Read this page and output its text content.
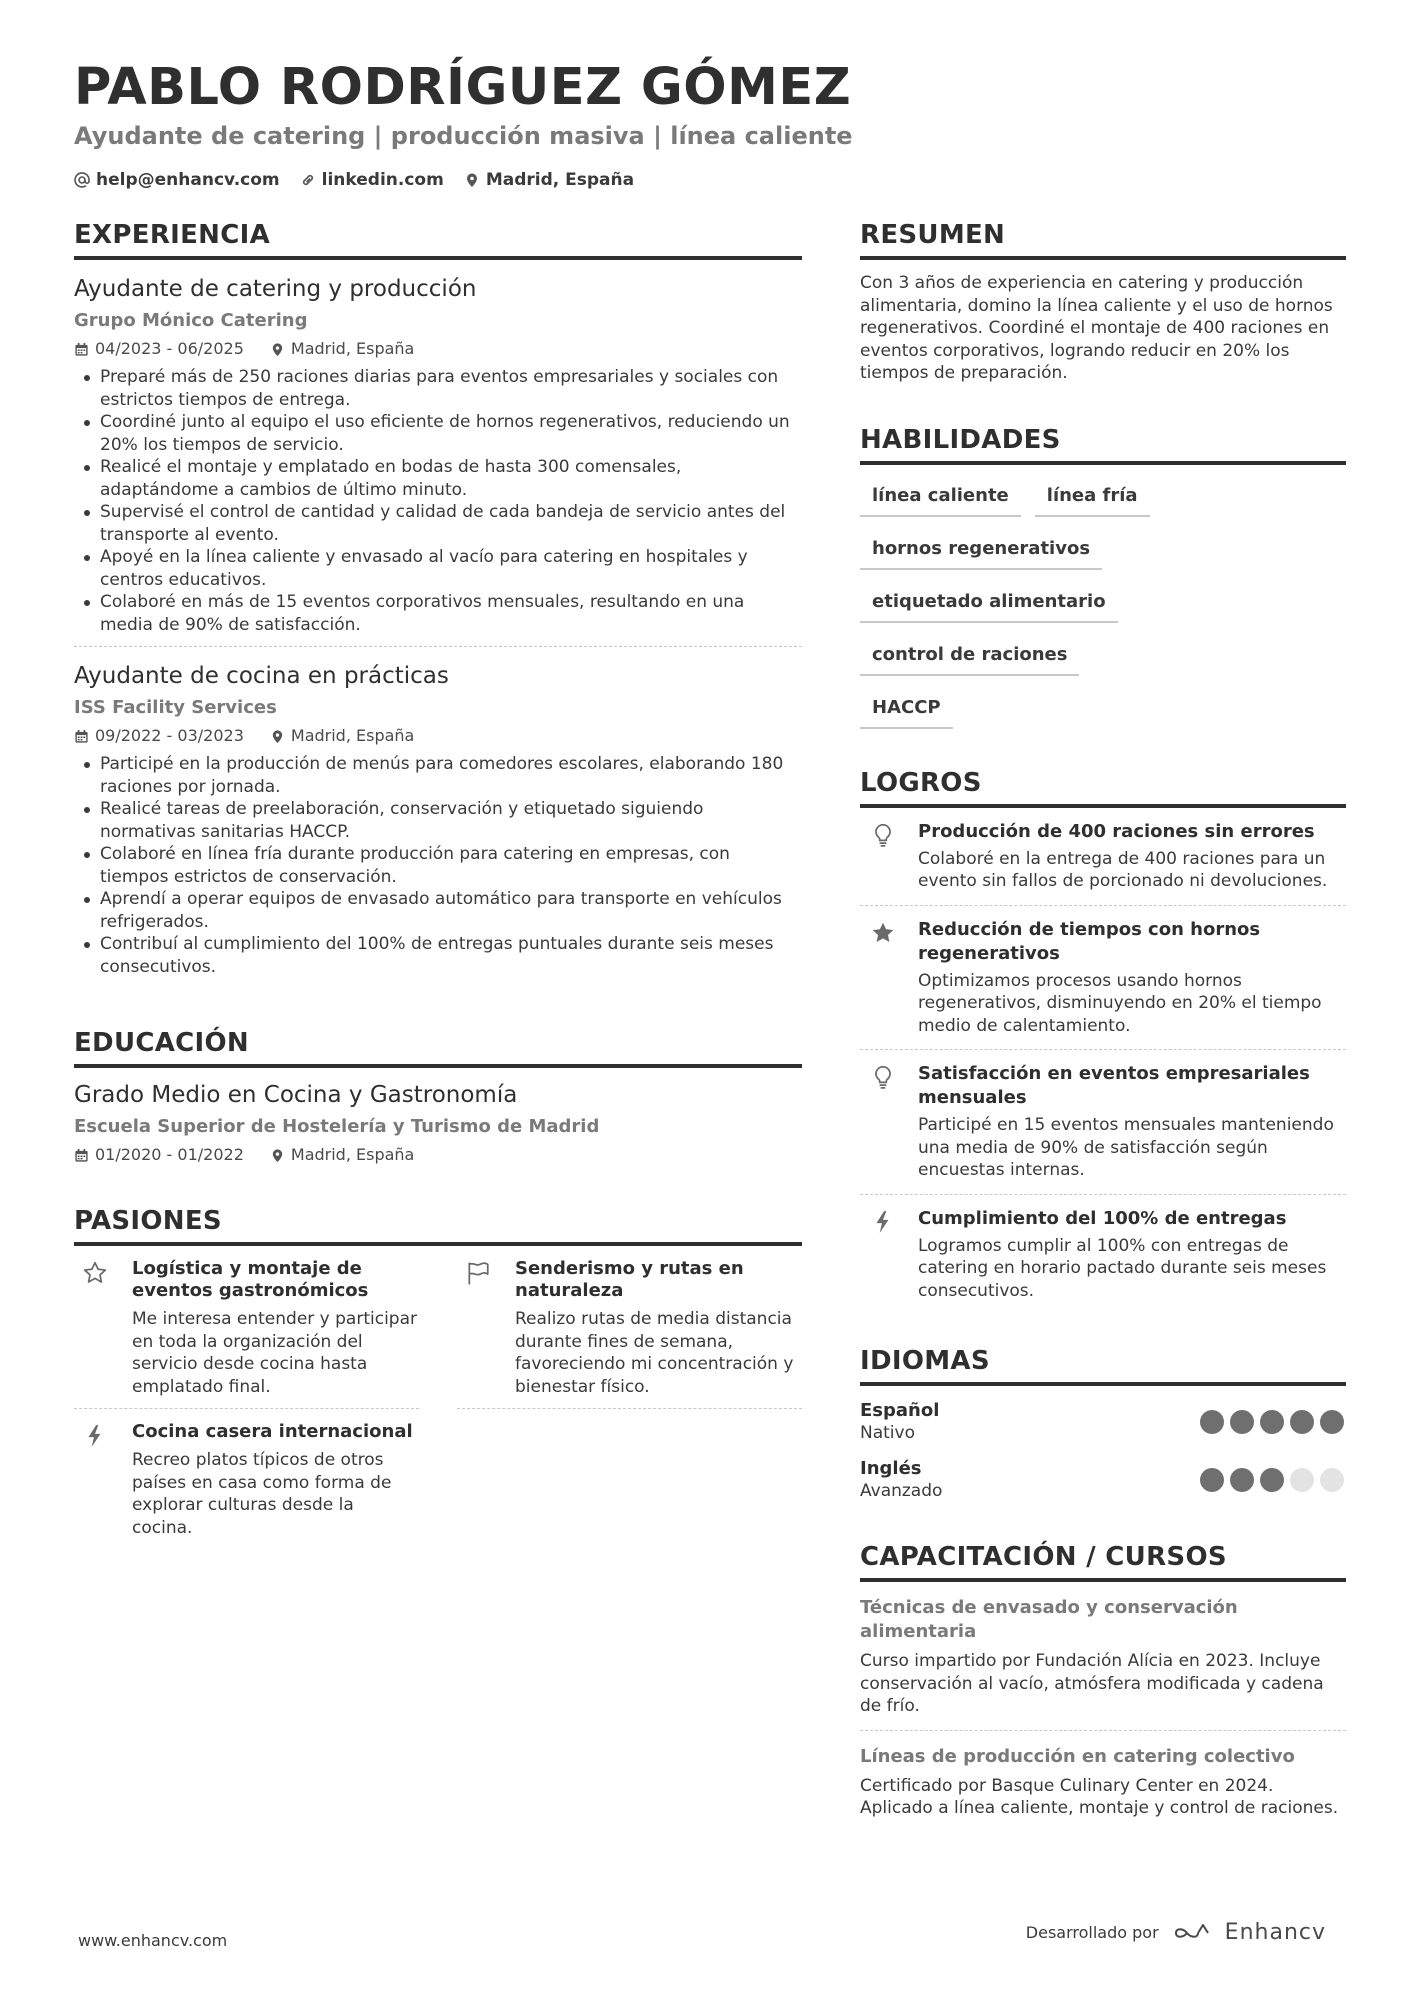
PABLO RODRÍGUEZ GÓMEZ
Ayudante de catering | producción masiva | línea caliente
help@enhancv.com linkedin.com Madrid, España
EXPERIENCIA
Ayudante de catering y producción
Grupo Mónico Catering
04/2023 - 06/2025	Madrid, España
Preparé más de 250 raciones diarias para eventos empresariales y sociales con estrictos tiempos de entrega.
Coordiné junto al equipo el uso eficiente de hornos regenerativos, reduciendo un 20% los tiempos de servicio.
Realicé el montaje y emplatado en bodas de hasta 300 comensales, adaptándome a cambios de último minuto.
Supervisé el control de cantidad y calidad de cada bandeja de servicio antes del transporte al evento.
Apoyé en la línea caliente y envasado al vacío para catering en hospitales y centros educativos.
Colaboré en más de 15 eventos corporativos mensuales, resultando en una media de 90% de satisfacción.
Ayudante de cocina en prácticas
ISS Facility Services
09/2022 - 03/2023	Madrid, España
Participé en la producción de menús para comedores escolares, elaborando 180 raciones por jornada.
Realicé tareas de preelaboración, conservación y etiquetado siguiendo normativas sanitarias HACCP.
Colaboré en línea fría durante producción para catering en empresas, con tiempos estrictos de conservación.
Aprendí a operar equipos de envasado automático para transporte en vehículos refrigerados.
Contribuí al cumplimiento del 100% de entregas puntuales durante seis meses consecutivos.
EDUCACIÓN
Grado Medio en Cocina y Gastronomía
Escuela Superior de Hostelería y Turismo de Madrid
01/2020 - 01/2022	Madrid, España
PASIONES
Logística y montaje de eventos gastronómicos
Me interesa entender y participar en toda la organización del servicio desde cocina hasta emplatado final.
Senderismo y rutas en naturaleza
Realizo rutas de media distancia durante fines de semana, favoreciendo mi concentración y bienestar físico.
Cocina casera internacional
Recreo platos típicos de otros países en casa como forma de explorar culturas desde la cocina.
RESUMEN
Con 3 años de experiencia en catering y producción alimentaria, domino la línea caliente y el uso de hornos regenerativos. Coordiné el montaje de 400 raciones en eventos corporativos, logrando reducir en 20% los tiempos de preparación.
HABILIDADES
línea caliente	línea fría
hornos regenerativos
etiquetado alimentario
control de raciones
HACCP
LOGROS
Producción de 400 raciones sin errores
Colaboré en la entrega de 400 raciones para un evento sin fallos de porcionado ni devoluciones.
Reducción de tiempos con hornos regenerativos
Optimizamos procesos usando hornos regenerativos, disminuyendo en 20% el tiempo medio de calentamiento.
Satisfacción en eventos empresariales mensuales
Participé en 15 eventos mensuales manteniendo una media de 90% de satisfacción según encuestas internas.
Cumplimiento del 100% de entregas
Logramos cumplir al 100% con entregas de catering en horario pactado durante seis meses consecutivos.
IDIOMAS
Español
Nativo
Inglés
Avanzado
CAPACITACIÓN / CURSOS
Técnicas de envasado y conservación alimentaria
Curso impartido por Fundación Alícia en 2023. Incluye conservación al vacío, atmósfera modificada y cadena de frío.
Líneas de producción en catering colectivo
Certificado por Basque Culinary Center en 2024. Aplicado a línea caliente, montaje y control de raciones.
www.enhancv.com	Desarrollado por	Enhancv
